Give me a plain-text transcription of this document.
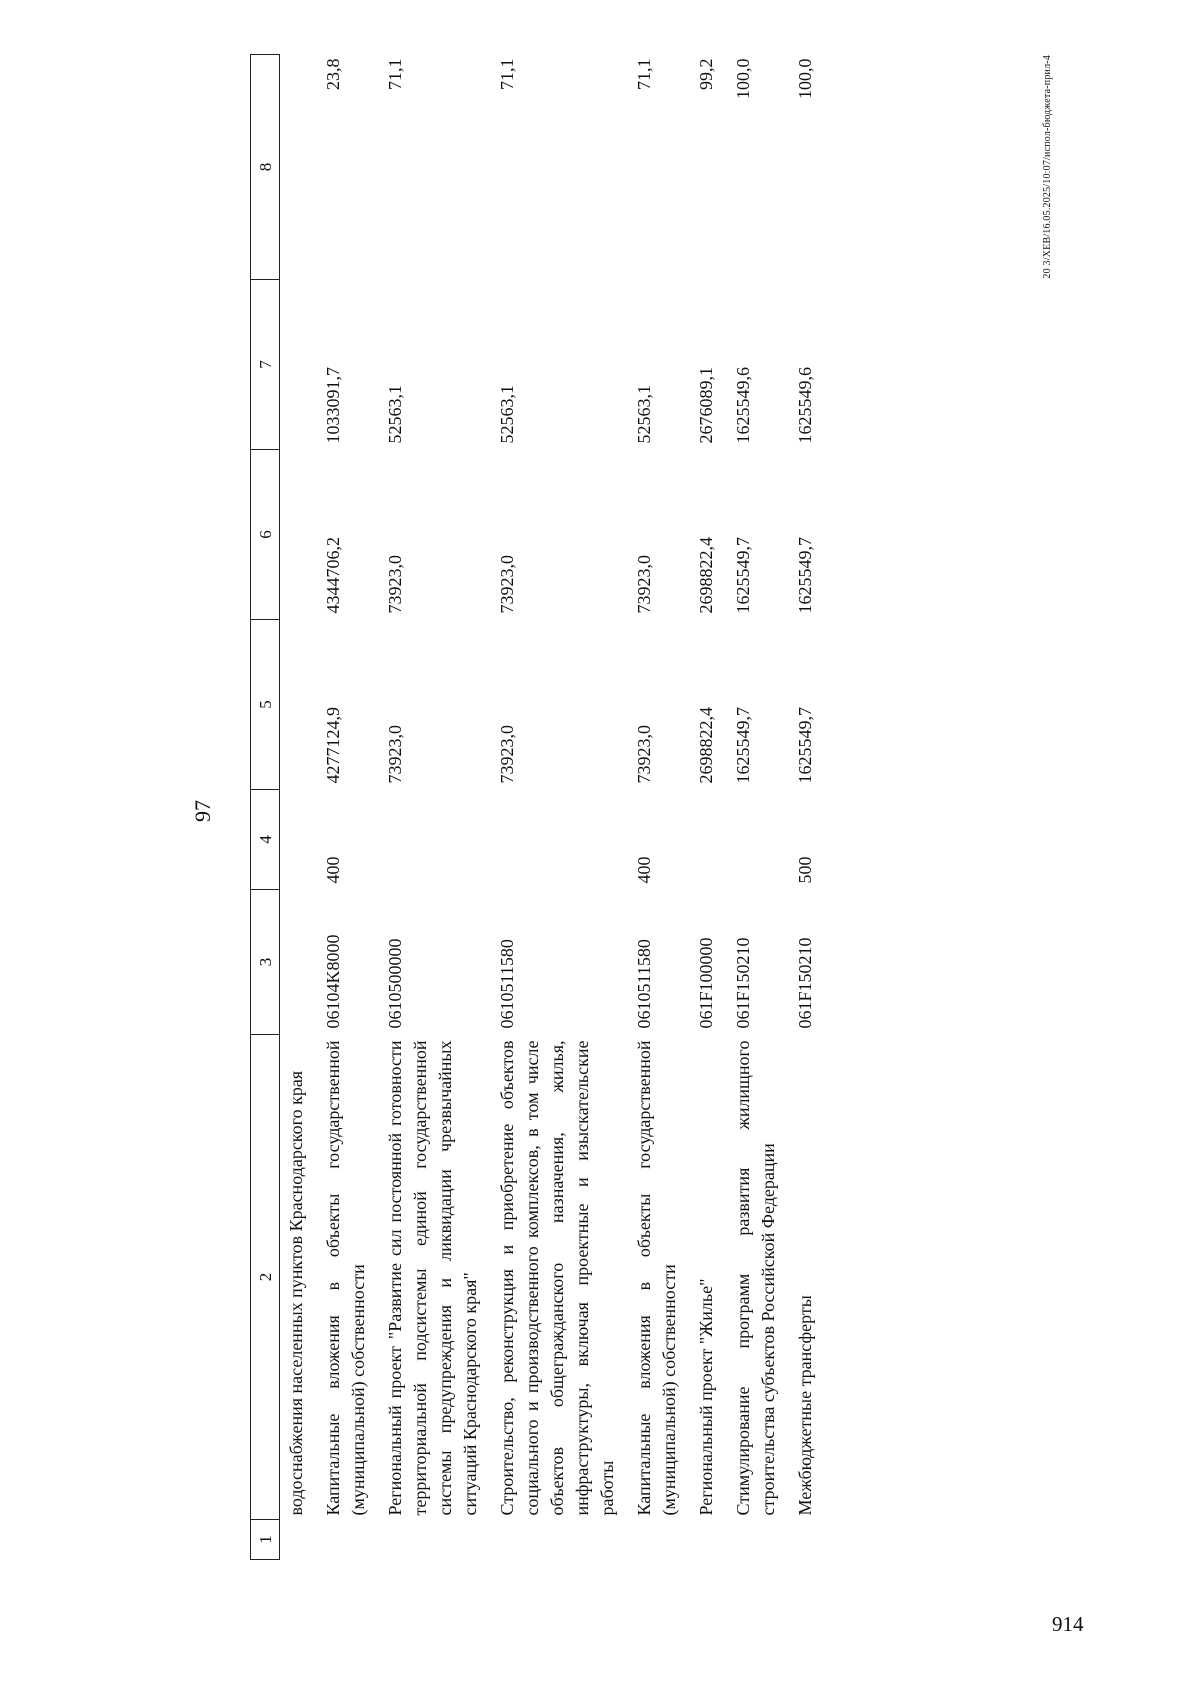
914
97
1	2	3	4	5	6	7	8
	водоснабжения населенных пунктов Краснодарского края						
	Капитальные вложения в объекты государственной (муниципальной) собственности	06104K8000	400	4277124,9	4344706,2	1033091,7	23,8
	Региональный проект "Развитие сил постоянной готовности территориальной подсистемы единой государственной системы предупреждения и ликвидации чрезвычайных ситуаций Краснодарского края"	0610500000		73923,0	73923,0	52563,1	71,1
	Строительство, реконструкция и приобретение объектов социального и производственного комплексов, в том числе объектов общегражданского назначения, жилья, инфраструктуры, включая проектные и изыскательские работы	0610511580		73923,0	73923,0	52563,1	71,1
	Капитальные вложения в объекты государственной (муниципальной) собственности	0610511580	400	73923,0	73923,0	52563,1	71,1
	Региональный проект "Жилье"	061F100000		2698822,4	2698822,4	2676089,1	99,2
	Стимулирование программ развития жилищного строительства субъектов Российской Федерации	061F150210		1625549,7	1625549,7	1625549,6	100,0
	Межбюджетные трансферты	061F150210	500	1625549,7	1625549,7	1625549,6	100,0	20 3/XEB/16.05.2025/10:07/испол-бюджета-прил-4
